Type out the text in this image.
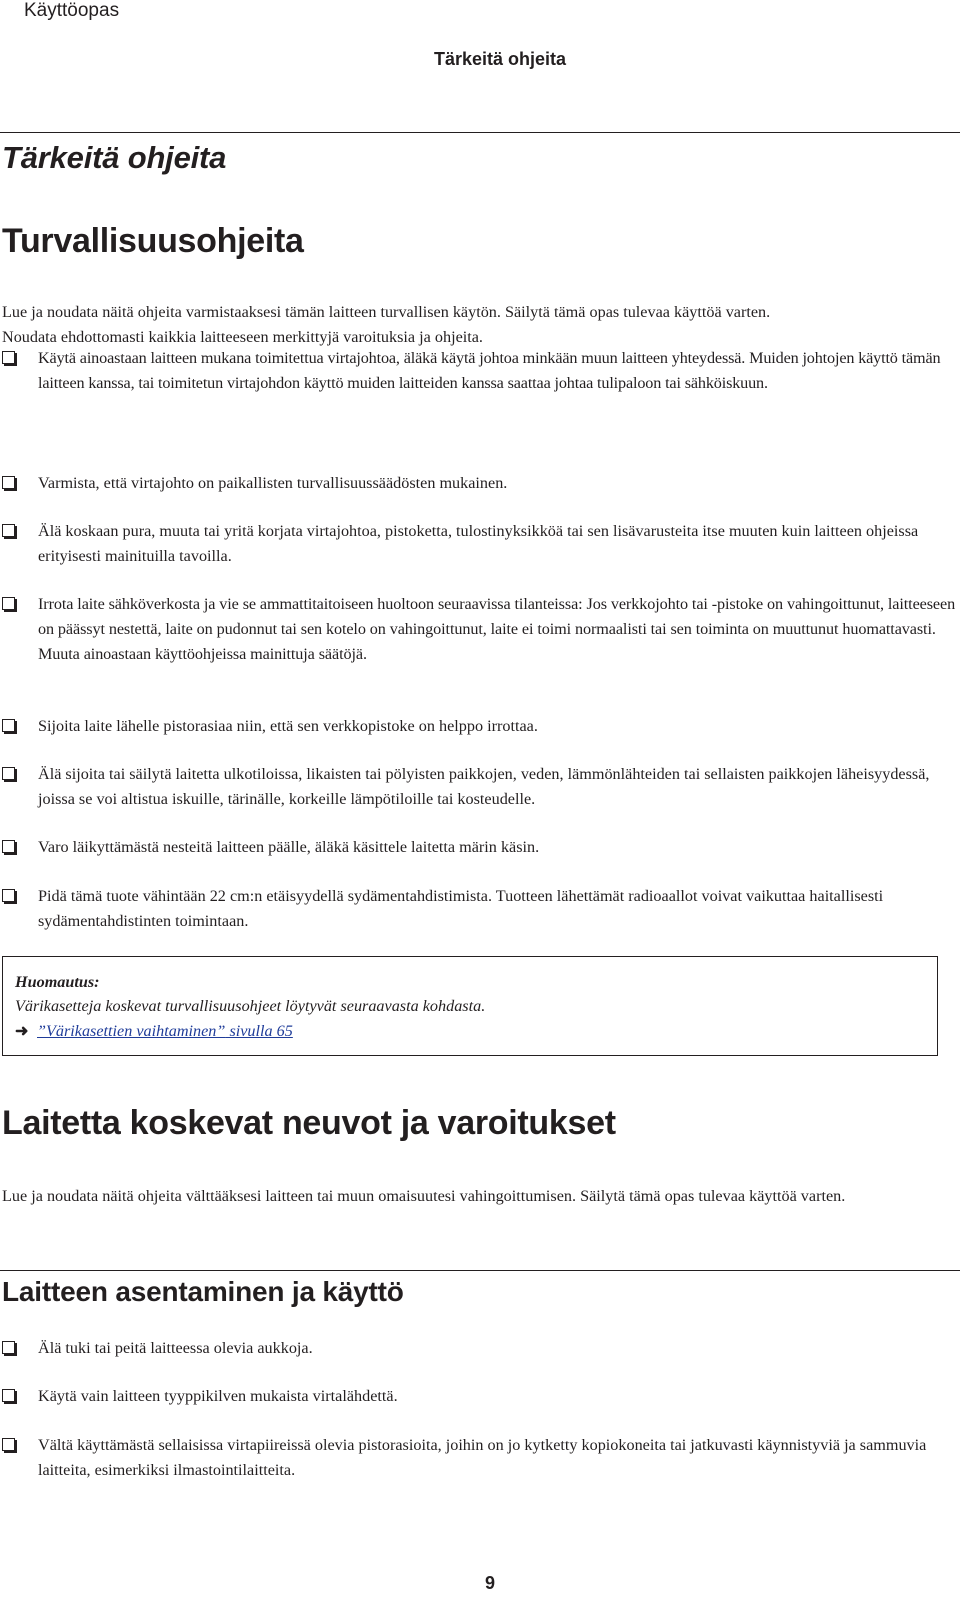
Käyttöopas
Tärkeitä ohjeita
Tärkeitä ohjeita
Turvallisuusohjeita
Lue ja noudata näitä ohjeita varmistaaksesi tämän laitteen turvallisen käytön. Säilytä tämä opas tulevaa käyttöä varten.
Noudata ehdottomasti kaikkia laitteeseen merkittyjä varoituksia ja ohjeita.
Käytä ainoastaan laitteen mukana toimitettua virtajohtoa, äläkä käytä johtoa minkään muun laitteen yhteydessä. Muiden johtojen käyttö tämän laitteen kanssa, tai toimitetun virtajohdon käyttö muiden laitteiden kanssa saattaa johtaa tulipaloon tai sähköiskuun.
Varmista, että virtajohto on paikallisten turvallisuussäädösten mukainen.
Älä koskaan pura, muuta tai yritä korjata virtajohtoa, pistoketta, tulostinyksikköä tai sen lisävarusteita itse muuten kuin laitteen ohjeissa erityisesti mainituilla tavoilla.
Irrota laite sähköverkosta ja vie se ammattitaitoiseen huoltoon seuraavissa tilanteissa: Jos verkkojohto tai -pistoke on vahingoittunut, laitteeseen on päässyt nestettä, laite on pudonnut tai sen kotelo on vahingoittunut, laite ei toimi normaalisti tai sen toiminta on muuttunut huomattavasti. Muuta ainoastaan käyttöohjeissa mainittuja säätöjä.
Sijoita laite lähelle pistorasiaa niin, että sen verkkopistoke on helppo irrottaa.
Älä sijoita tai säilytä laitetta ulkotiloissa, likaisten tai pölyisten paikkojen, veden, lämmönlähteiden tai sellaisten paikkojen läheisyydessä, joissa se voi altistua iskuille, tärinälle, korkeille lämpötiloille tai kosteudelle.
Varo läikyttämästä nesteitä laitteen päälle, äläkä käsittele laitetta märin käsin.
Pidä tämä tuote vähintään 22 cm:n etäisyydellä sydämentahdistimista. Tuotteen lähettämät radioaallot voivat vaikuttaa haitallisesti sydämentahdistinten toimintaan.
Huomautus:
Värikasetteja koskevat turvallisuusohjeet löytyvät seuraavasta kohdasta.
➜ ”Värikasettien vaihtaminen” sivulla 65
Laitetta koskevat neuvot ja varoitukset
Lue ja noudata näitä ohjeita välttääksesi laitteen tai muun omaisuutesi vahingoittumisen. Säilytä tämä opas tulevaa käyttöä varten.
Laitteen asentaminen ja käyttö
Älä tuki tai peitä laitteessa olevia aukkoja.
Käytä vain laitteen tyyppikilven mukaista virtalähdettä.
Vältä käyttämästä sellaisissa virtapiireissä olevia pistorasioita, joihin on jo kytketty kopiokoneita tai jatkuvasti käynnistyviä ja sammuvia laitteita, esimerkiksi ilmastointilaitteita.
9
